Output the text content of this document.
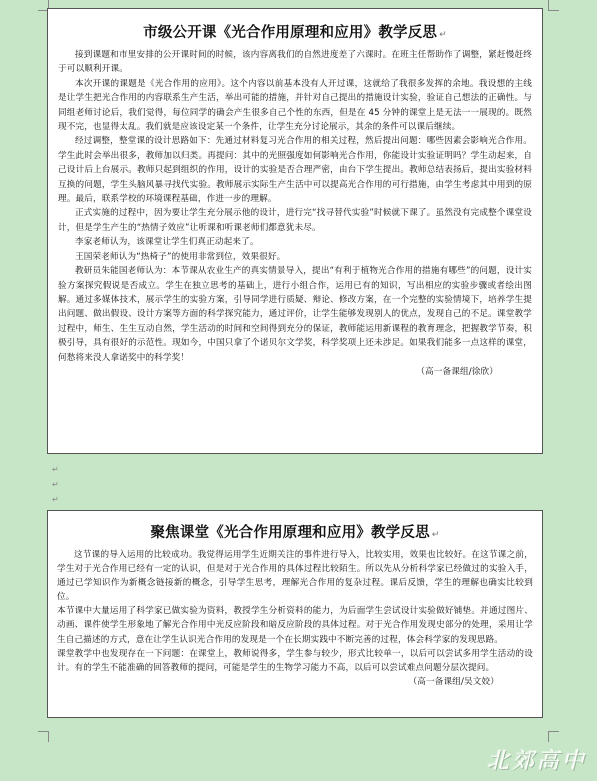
市级公开课《光合作用原理和应用》教学反思 ↵

接到课题和市里安排的公开课时间的时候，该内容离我们的自然进度差了六课时。在班主任帮助作了调整，紧赶慢赶终于可以顺利开课。

本次开课的课题是《光合作用的应用》。这个内容以前基本没有人开过课，这就给了我很多发挥的余地。我设想的主线是让学生把光合作用的内容联系生产生活，举出可能的措施，并针对自己提出的措施设计实验，验证自己想法的正确性。与同组老师讨论后，我们觉得，每位同学的确会产生很多自己个性的东西，但是在 45 分钟的课堂上是无法一一展现的。既然现不完，也显得太乱。我们就是应该设定某一个条件，让学生充分讨论展示，其余的条件可以课后继续。

经过调整，整堂课的设计思路如下：先通过材料复习光合作用的相关过程，然后提出问题：哪些因素会影响光合作用。学生此时会举出很多，教师加以归类。再提问：其中的光照强度如何影响光合作用，你能设计实验证明吗？学生动起来，自己设计后上台展示。教师只起到组织的作用，设计的实验是否合理严密，由台下学生提出。教师总结表扬后，提出实验材料互换的问题，学生头脑风暴寻找代实验。教师展示实际生产生活中可以提高光合作用的可行措施，由学生考虑其中用到的原理。最后，联系学校的环境课程基础，作进一步的理解。

正式实施的过程中，因为要让学生充分展示他的设计，进行完“找寻替代实验”时候就下课了。虽然没有完成整个课堂设计，但是学生产生的“热情子效应”让听课和听课老师们都意犹未尽。

李家老师认为，该课堂让学生们真正动起来了。

王国荣老师认为“热椅子”的使用非常到位，效果很好。

教研员朱能国老师认为：本节课从农业生产的真实情景导入，提出“有利于植物光合作用的措施有哪些”的问题，设计实验方案探究假说是否成立。学生在独立思考的基础上，进行小组合作，运用已有的知识，写出相应的实验步骤或者绘出图解。通过多媒体技术，展示学生的实验方案，引导同学进行质疑、辩论、修改方案，在一个完整的实验情境下，培养学生提出问题、做出假设、设计方案等方面的科学探究能力，通过评价，让学生能够发现别人的优点，发现自己的不足。课堂教学过程中，师生、生生互动自然，学生活动的时间和空间得到充分的保证，教师能运用新课程的教育理念，把握教学节奏，积极引导，具有很好的示范性。现如今，中国只拿了个诺贝尔文学奖，科学奖项上还未涉足。如果我们能多一点这样的课堂，何愁将来没人拿诺奖中的科学奖！

（高一备课组/徐欣）

↵
↵
↵
聚焦课堂《光合作用原理和应用》教学反思 ↵

这节课的导入运用的比较成功。我觉得运用学生近期关注的事件进行导入，比较实用，效果也比较好。在这节课之前，学生对于光合作用已经有一定的认识，但是对于光合作用的具体过程比较陌生。所以先从分析科学家已经做过的实验入手，通过已学知识作为新概念链接新的概念，引导学生思考，理解光合作用的复杂过程。课后反馈，学生的理解也确实比较到位。

本节课中大量运用了科学家已做实验为资料，教授学生分析资料的能力，为后面学生尝试设计实验做好铺垫。并通过图片、动画、课件使学生形象地了解光合作用中光反应阶段和暗反应阶段的具体过程。对于光合作用发现史部分的处理，采用让学生自己描述的方式，意在让学生认识光合作用的发现是一个在长期实践中不断完善的过程，体会科学家的发现思路。

课堂教学中也发现存在一下问题：在课堂上，教师说得多，学生参与较少，形式比较单一，以后可以尝试多用学生活动的设计。有的学生不能准确的回答教师的提问，可能是学生的生物学习能力不高，以后可以尝试难点问题分层次提问。

（高一备课组/吴文姣）

北郊高中
